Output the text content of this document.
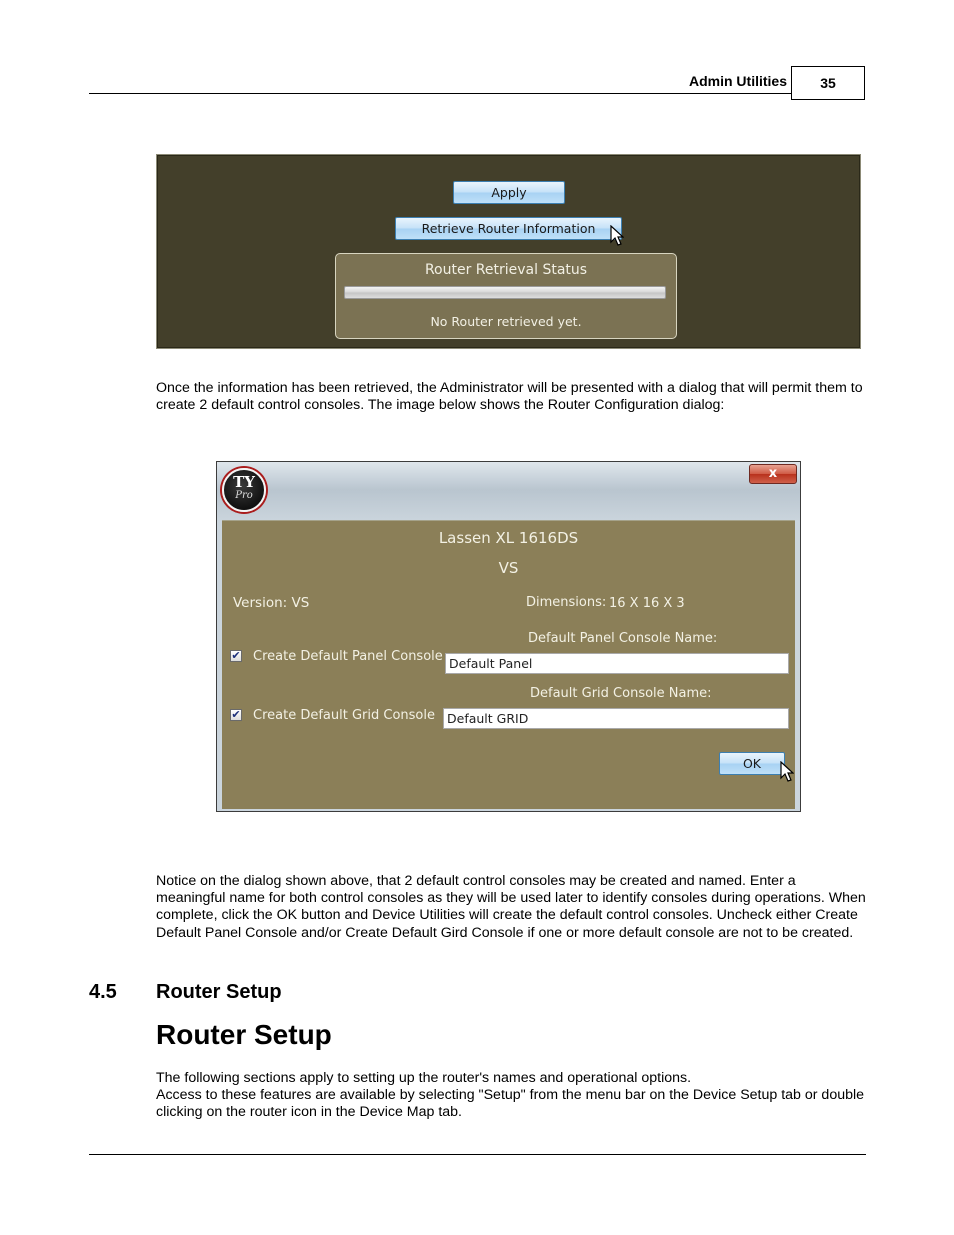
Admin Utilities	35
Apply
Retrieve Router Information
Router Retrieval Status
No Router retrieved yet.

Once the information has been retrieved, the Administrator will be presented with a dialog that will permit them to create 2 default control consoles. The image below shows the Router Configuration dialog:

TY
Pro
x
Lassen XL 1616DS
VS
Version: VS	Dimensions: 16 X 16 X 3
Default Panel Console Name:
✔ Create Default Panel Console
Default Panel
Default Grid Console Name:
✔ Create Default Grid Console
Default GRID
OK

Notice on the dialog shown above, that 2 default control consoles may be created and named. Enter a meaningful name for both control consoles as they will be used later to identify consoles during operations. When complete, click the OK button and Device Utilities will create the default control consoles. Uncheck either Create Default Panel Console and/or Create Default Gird Console if one or more default console are not to be created.

4.5 Router Setup
Router Setup
The following sections apply to setting up the router's names and operational options.
Access to these features are available by selecting "Setup" from the menu bar on the Device Setup tab or double clicking on the router icon in the Device Map tab.
